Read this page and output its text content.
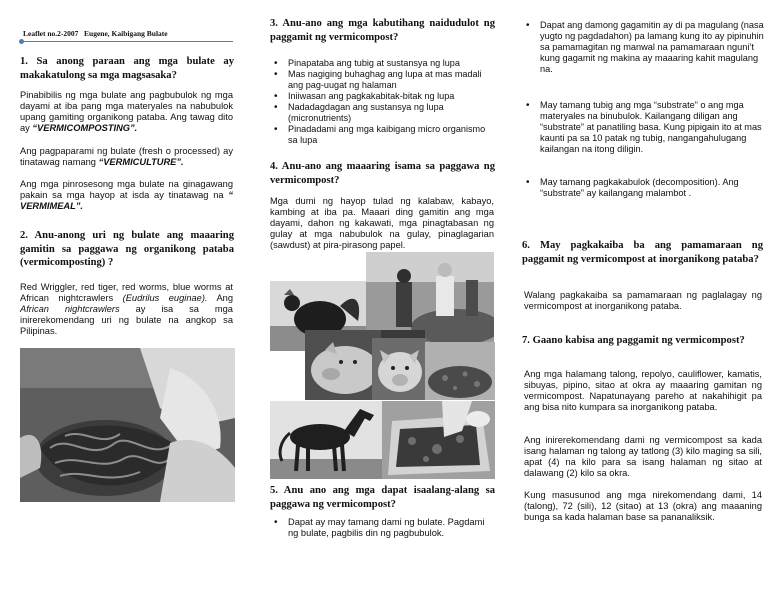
Leaflet no.2-2007 Eugene, Kaibigang Bulate
1. Sa anong paraan ang mga bulate ay makakatulong sa mga magsasaka?
Pinabibilis ng mga bulate ang pagbubulok ng mga dayami at iba pang mga materyales na nabubulok upang gamiting organikong pataba. Ang tawag dito ay “VERMICOMPOSTING”.
Ang pagpaparami ng bulate (fresh o processed) ay tinatawag namang “VERMICULTURE”.
Ang mga pinrosesong mga bulate na ginagawang pakain sa mga hayop at isda ay tinatawag na “ VERMIMEAL”.
2. Anu-anong uri ng bulate ang maaaring gamitin sa paggawa ng organikong pataba (vermicomposting) ?
Red Wriggler, red tiger, red worms, blue worms at African nightcrawlers (Eudrilus euginae). Ang African nightcrawlers ay isa sa mga inirerekomendang uri ng bulate na angkop sa Pilipinas.
3. Anu-ano ang mga kabutihang naidudulot ng paggamit ng vermicompost?
• Pinapataba ang tubig at sustansya ng lupa
• Mas nagiging buhaghag ang lupa at mas madali ang pag-uugat ng halaman
• Iniiwasan ang pagkakabitak-bitak ng lupa
• Nadadagdagan ang sustansya ng lupa (micronutrients)
• Pinadadami ang mga kaibigang micro organismo sa lupa
4. Anu-ano ang maaaring isama sa paggawa ng vermicompost?
Mga dumi ng hayop tulad ng kalabaw, kabayo, kambing at iba pa. Maaari ding gamitin ang mga dayami, dahon ng kakawati, mga pinagtabasan ng gulay at mga nabubulok na gulay, pinaglagarian (sawdust) at pira-pirasong papel.
5. Anu ano ang mga dapat isaalang-alang sa paggawa ng vermicompost?
• Dapat ay may tamang dami ng bulate. Pagdami ng bulate, pagbilis din ng pagbubulok.
• Dapat ang damong gagamitin ay di pa magulang (nasa yugto ng pagdadahon) pa lamang kung ito ay pipinuhin sa pamamagitan ng manwal na pamamaraan nguni’t kung gagamit ng makina ay maaaring kahit magulang na.
• May tamang tubig ang mga “substrate” o ang mga materyales na binubulok. Kailangang diligan ang “substrate” at panatiling basa. Kung pipigain ito at mas kaunti pa sa 10 patak ng tubig, nangangahulugang kailangan na itong diligin.
• May tamang pagkakabulok (decomposition). Ang “substrate” ay kailangang malambot .
6. May pagkakaiba ba ang pamamaraan ng paggamit ng vermicompost at inorganikong pataba?
Walang pagkakaiba sa pamamaraan ng paglalagay ng vermicompost at inorganikong pataba.
7. Gaano kabisa ang paggamit ng vermicompost?
Ang mga halamang talong, repolyo, cauliflower, kamatis, sibuyas, pipino, sitao at okra ay maaaring gamitan ng vermicompost. Napatunayang pareho at nakahihigit pa ang bisa nito kumpara sa inorganikong pataba.
Ang inirerekomendang dami ng vermicompost sa kada isang halaman ng talong ay tatlong (3) kilo maging sa sili, apat (4) na kilo para sa isang halaman ng sitao at dalawang (2) kilo sa okra.
Kung masusunod ang mga nirekomendang dami, 14 (talong), 72 (sili), 12 (sitao) at 13 (okra) ang maaaning bunga sa kada halaman base sa pananaliksik.
